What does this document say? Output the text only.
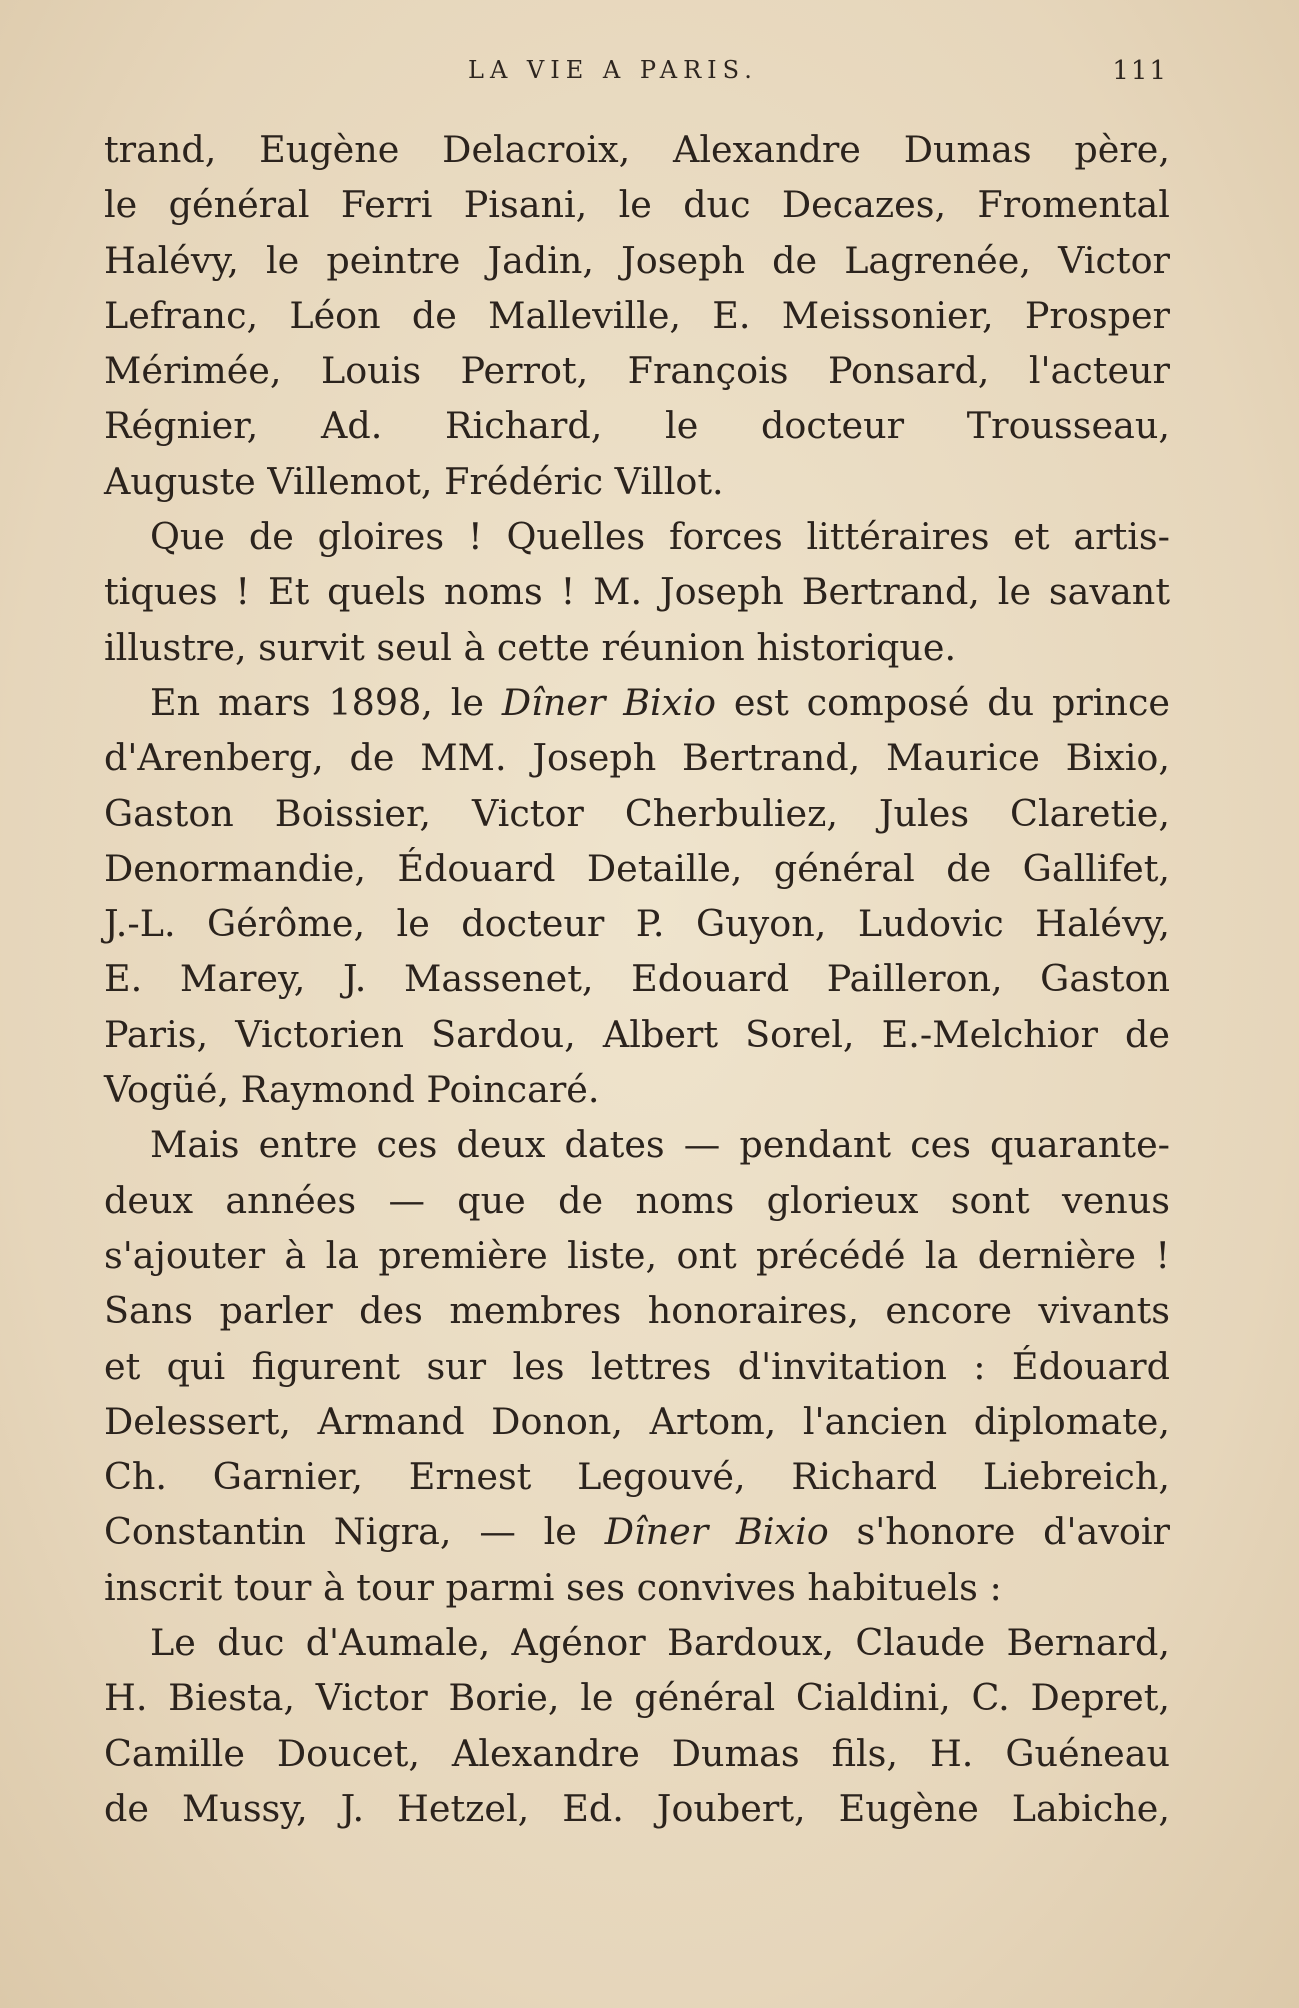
LA VIE A PARIS.	111
trand, Eugène Delacroix, Alexandre Dumas père,
le général Ferri Pisani, le duc Decazes, Fromental
Halévy, le peintre Jadin, Joseph de Lagrenée, Victor
Lefranc, Léon de Malleville, E. Meissonier, Prosper
Mérimée, Louis Perrot, François Ponsard, l'acteur
Régnier, Ad. Richard, le docteur Trousseau,
Auguste Villemot, Frédéric Villot.
Que de gloires ! Quelles forces littéraires et artis-
tiques ! Et quels noms ! M. Joseph Bertrand, le savant
illustre, survit seul à cette réunion historique.
En mars 1898, le Dîner Bixio est composé du prince
d'Arenberg, de MM. Joseph Bertrand, Maurice Bixio,
Gaston Boissier, Victor Cherbuliez, Jules Claretie,
Denormandie, Édouard Detaille, général de Gallifet,
J.-L. Gérôme, le docteur P. Guyon, Ludovic Halévy,
E. Marey, J. Massenet, Edouard Pailleron, Gaston
Paris, Victorien Sardou, Albert Sorel, E.-Melchior de
Vogüé, Raymond Poincaré.
Mais entre ces deux dates — pendant ces quarante-
deux années — que de noms glorieux sont venus
s'ajouter à la première liste, ont précédé la dernière !
Sans parler des membres honoraires, encore vivants
et qui figurent sur les lettres d'invitation : Édouard
Delessert, Armand Donon, Artom, l'ancien diplomate,
Ch. Garnier, Ernest Legouvé, Richard Liebreich,
Constantin Nigra, — le Dîner Bixio s'honore d'avoir
inscrit tour à tour parmi ses convives habituels :
Le duc d'Aumale, Agénor Bardoux, Claude Bernard,
H. Biesta, Victor Borie, le général Cialdini, C. Depret,
Camille Doucet, Alexandre Dumas fils, H. Guéneau
de Mussy, J. Hetzel, Ed. Joubert, Eugène Labiche,
